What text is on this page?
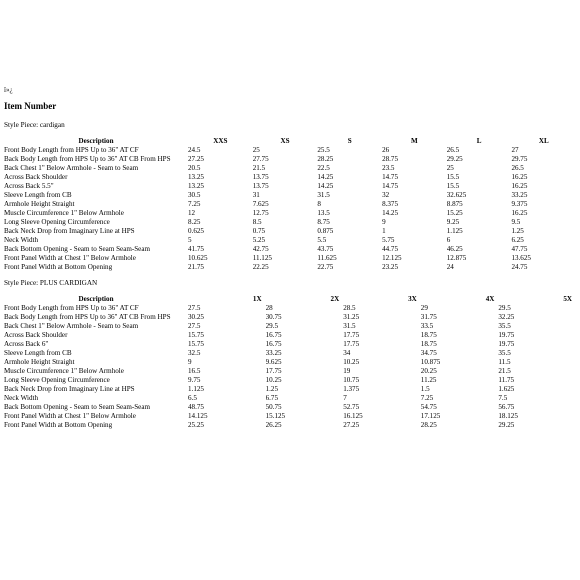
ï»¿
Item Number
Style Piece: cardigan
Description	XXS	XS	S	M	L	XL
Front Body Length from HPS Up to 36" AT CF	24.5	25	25.5	26	26.5	27
Back Body Length from HPS Up to 36" AT CB From HPS	27.25	27.75	28.25	28.75	29.25	29.75
Back Chest 1" Below Armhole - Seam to Seam	20.5	21.5	22.5	23.5	25	26.5
Across Back Shoulder	13.25	13.75	14.25	14.75	15.5	16.25
Across Back 5.5"	13.25	13.75	14.25	14.75	15.5	16.25
Sleeve Length from CB	30.5	31	31.5	32	32.625	33.25
Armhole Height Straight	7.25	7.625	8	8.375	8.875	9.375
Muscle Circumference 1" Below Armhole	12	12.75	13.5	14.25	15.25	16.25
Long Sleeve Opening Circumference	8.25	8.5	8.75	9	9.25	9.5
Back Neck Drop from Imaginary Line at HPS	0.625	0.75	0.875	1	1.125	1.25
Neck Width	5	5.25	5.5	5.75	6	6.25
Back Bottom Opening - Seam to Seam Seam-Seam	41.75	42.75	43.75	44.75	46.25	47.75
Front Panel Width at Chest 1" Below Armhole	10.625	11.125	11.625	12.125	12.875	13.625
Front Panel Width at Bottom Opening	21.75	22.25	22.75	23.25	24	24.75
Style Piece: PLUS CARDIGAN
Description	1X	2X	3X	4X	5X
Front Body Length from HPS Up to 36" AT CF	27.5	28	28.5	29	29.5
Back Body Length from HPS Up to 36" AT CB From HPS	30.25	30.75	31.25	31.75	32.25
Back Chest 1" Below Armhole - Seam to Seam	27.5	29.5	31.5	33.5	35.5
Across Back Shoulder	15.75	16.75	17.75	18.75	19.75
Across Back 6"	15.75	16.75	17.75	18.75	19.75
Sleeve Length from CB	32.5	33.25	34	34.75	35.5
Armhole Height Straight	9	9.625	10.25	10.875	11.5
Muscle Circumference 1" Below Armhole	16.5	17.75	19	20.25	21.5
Long Sleeve Opening Circumference	9.75	10.25	10.75	11.25	11.75
Back Neck Drop from Imaginary Line at HPS	1.125	1.25	1.375	1.5	1.625
Neck Width	6.5	6.75	7	7.25	7.5
Back Bottom Opening - Seam to Seam Seam-Seam	48.75	50.75	52.75	54.75	56.75
Front Panel Width at Chest 1" Below Armhole	14.125	15.125	16.125	17.125	18.125
Front Panel Width at Bottom Opening	25.25	26.25	27.25	28.25	29.25
